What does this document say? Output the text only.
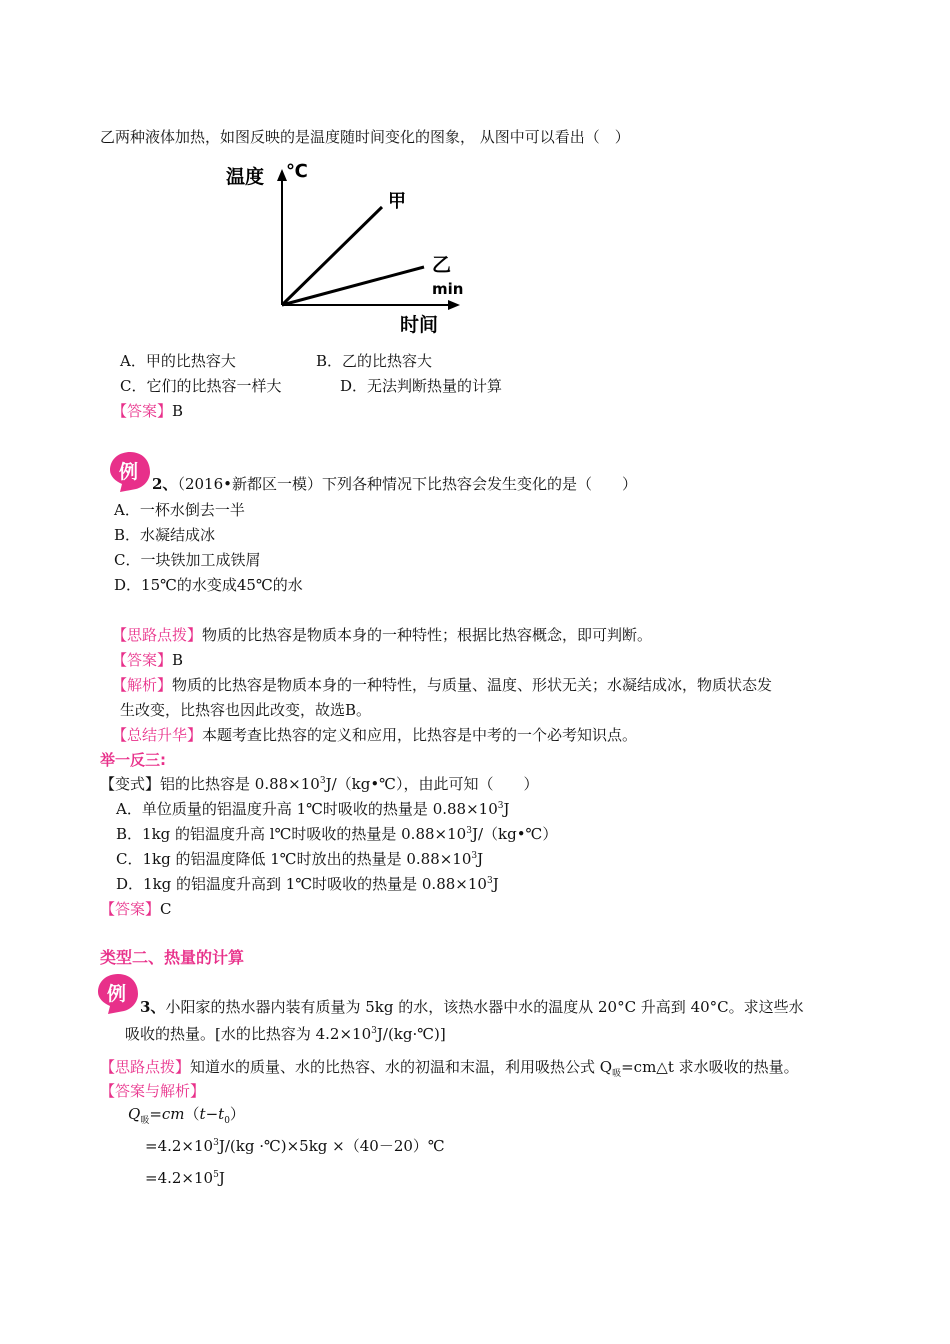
乙两种液体加热，如图反映的是温度随时间变化的图象， 从图中可以看出（　）
温度 ℃
甲
乙
min
时间
A．甲的比热容大	B．乙的比热容大
C．它们的比热容一样大	D．无法判断热量的计算
【答案】B
例
2、（2016•新都区一模）下列各种情况下比热容会发生变化的是（　　）
A．一杯水倒去一半
B．水凝结成冰
C．一块铁加工成铁屑
D．15℃的水变成45℃的水
【思路点拨】物质的比热容是物质本身的一种特性；根据比热容概念，即可判断。
【答案】B
【解析】物质的比热容是物质本身的一种特性，与质量、温度、形状无关；水凝结成冰，物质状态发
生改变，比热容也因此改变，故选B。
【总结升华】本题考查比热容的定义和应用，比热容是中考的一个必考知识点。
举一反三:
【变式】铝的比热容是 $0.88\times 10^3J/(kg•℃)$，由此可知（　　）
A．单位质量的铝温度升高 1℃时吸收的热量是 $0.88\times 10^3J$
B．1kg 的铝温度升高 l℃时吸收的热量是 $0.88\times 10^3J/(kg•℃)$
C．1kg 的铝温度降低 1℃时放出的热量是 $0.88\times 10^3J$
D．1kg 的铝温度升高到 1℃时吸收的热量是 $0.88\times 10^3J$
【答案】C
类型二、热量的计算
例
3、小阳家的热水器内装有质量为 5kg 的水，该热水器中水的温度从 20°C 升高到 40°C。求这些水
吸收的热量。[水的比热容为 $4.2\times 10^3J/(kg\cdot℃)$]
【思路点拨】知道水的质量、水的比热容、水的初温和末温，利用吸热公式 $Q_吸=cm\triangle t$ 求水吸收的热量。
【答案与解析】
$Q_吸=cm(t-t_0)$
$=4.2\times 10^3J/(kg$ ·℃)×5kg ×（40－20）℃
$=4.2\times 10^5J$
